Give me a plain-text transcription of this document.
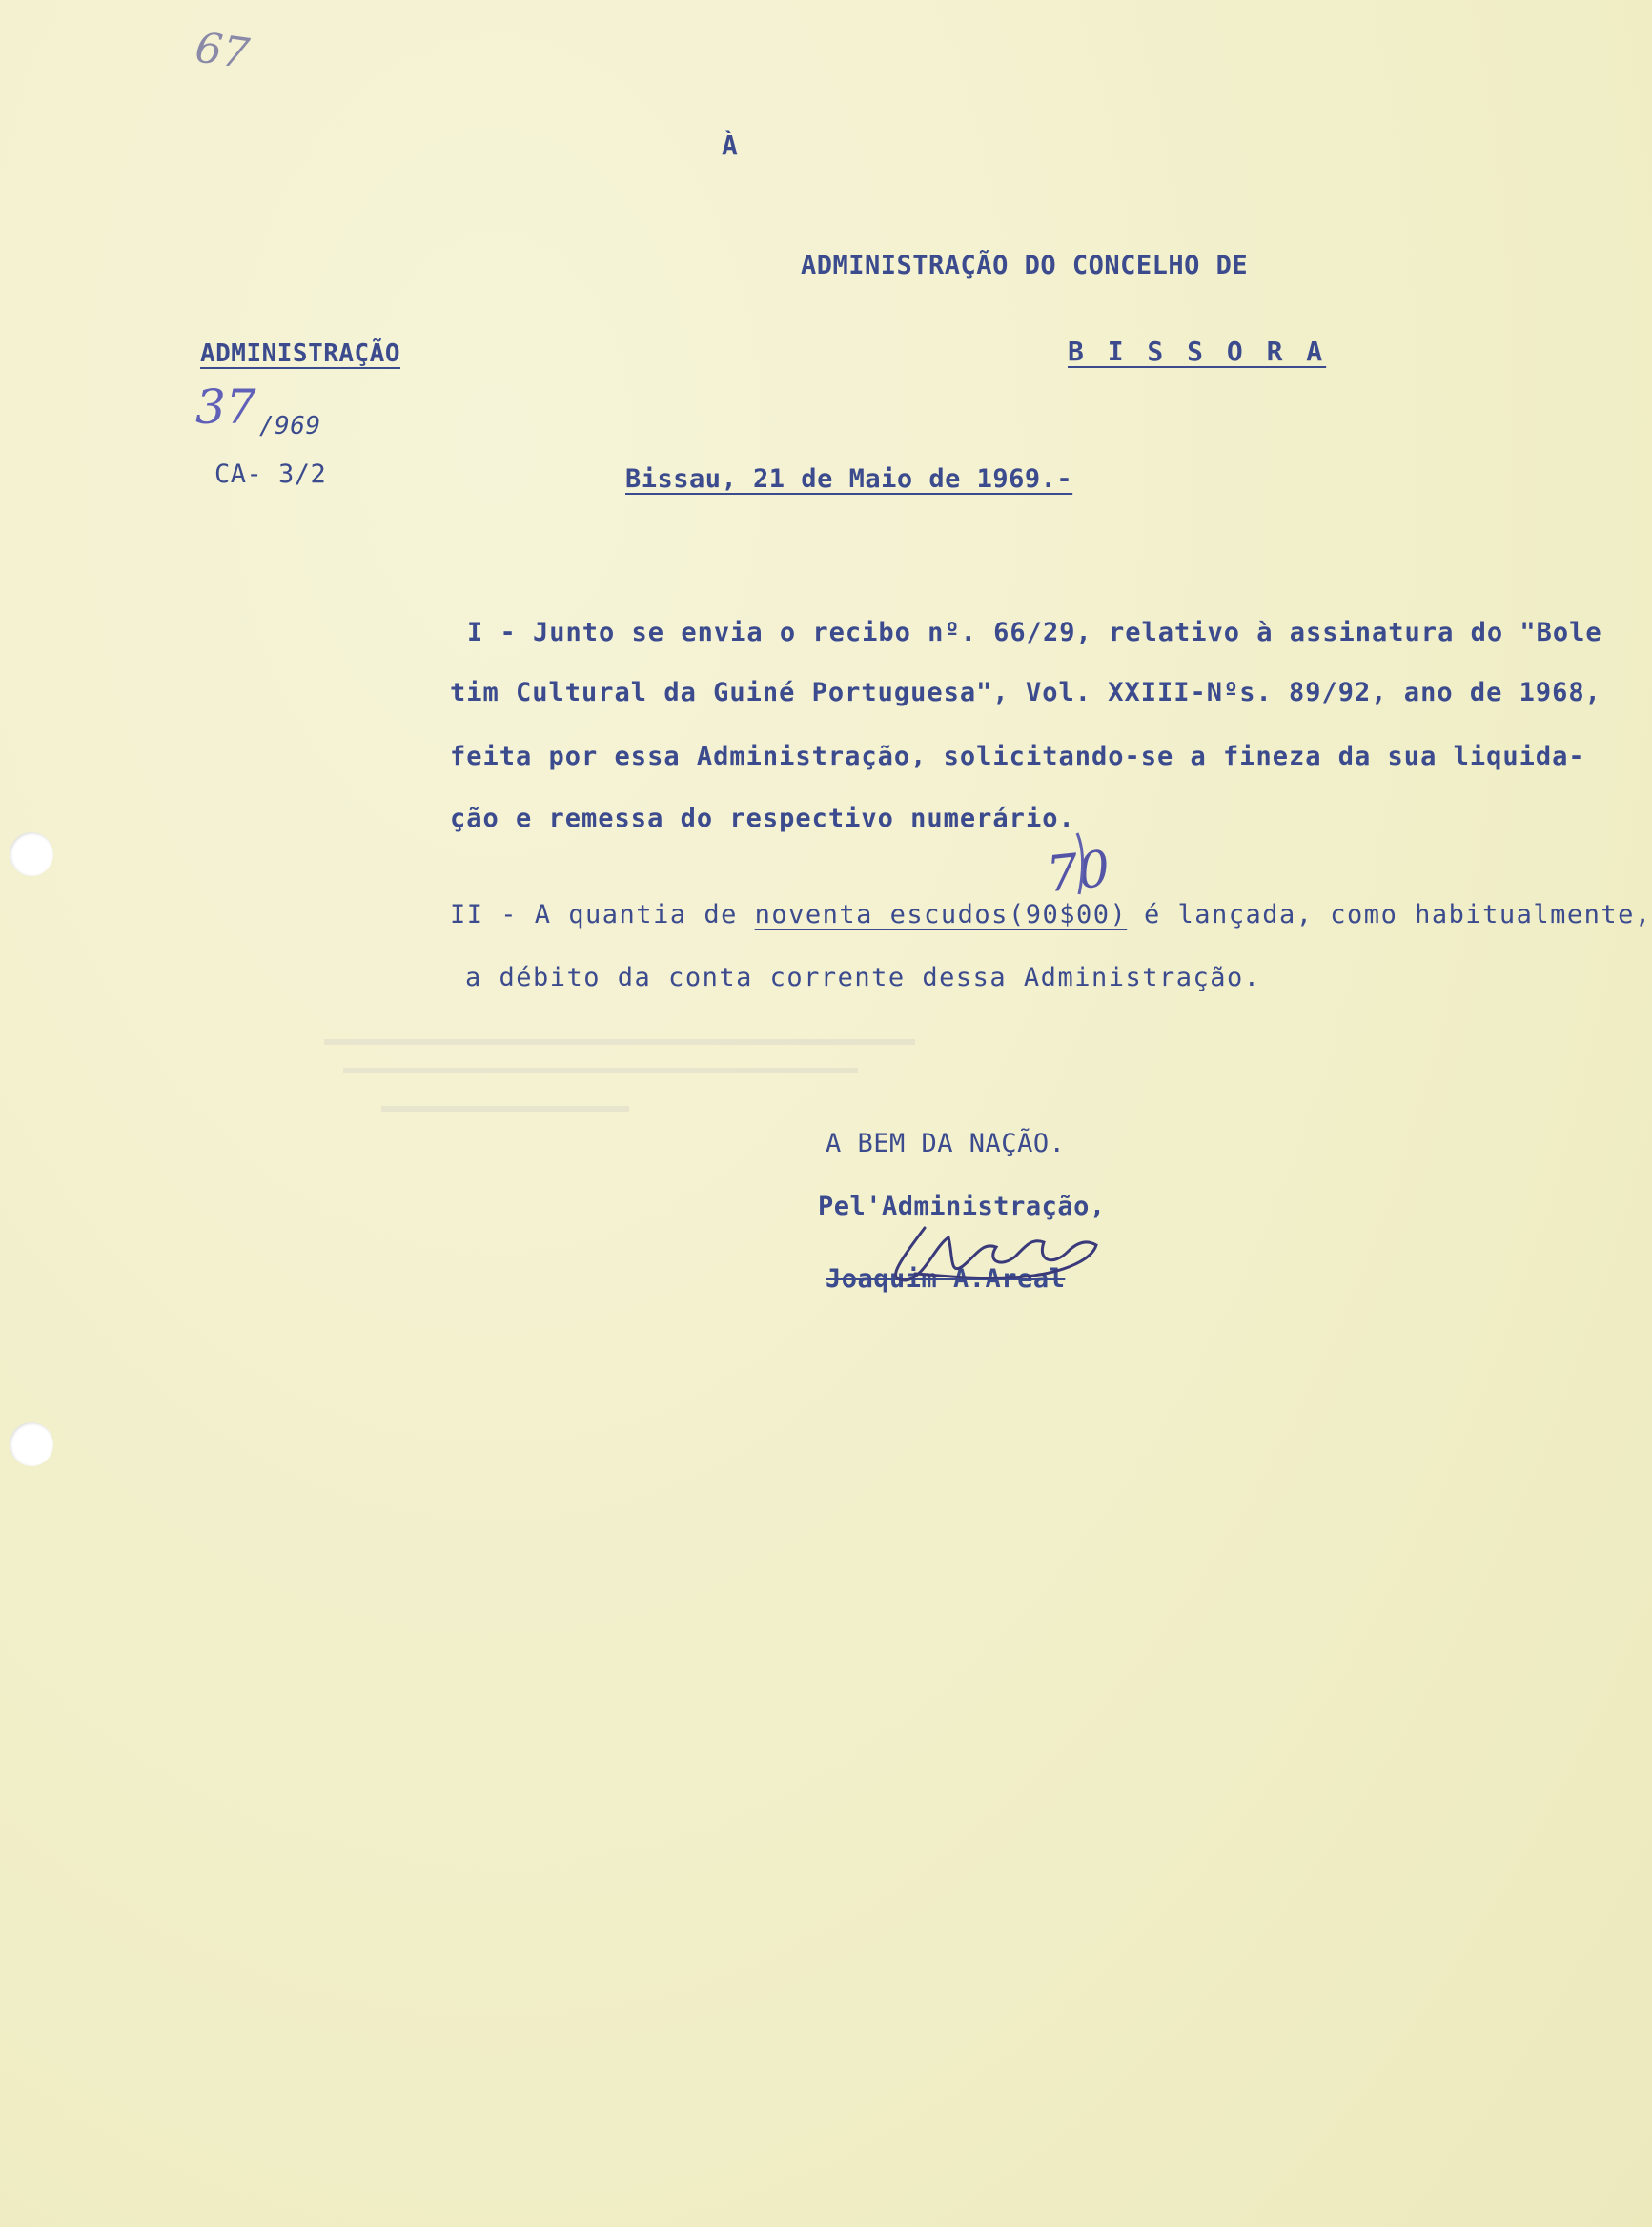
67
À
ADMINISTRAÇÃO DO CONCELHO DE
B I S S O R A
ADMINISTRAÇÃO
37 /969
CA- 3/2	Bissau, 21 de Maio de 1969.-
I - Junto se envia o recibo nº. 66/29, relativo à assinatura do "Bole
tim Cultural da Guiné Portuguesa", Vol. XXIII-Nºs. 89/92, ano de 1968,
feita por essa Administração, solicitando-se a fineza da sua liquida-
ção e remessa do respectivo numerário.
70
II - A quantia de noventa escudos(90$00) é lançada, como habitualmente,
a débito da conta corrente dessa Administração.
A BEM DA NAÇÃO.
Pel'Administração,
Joaquim A.Areal
